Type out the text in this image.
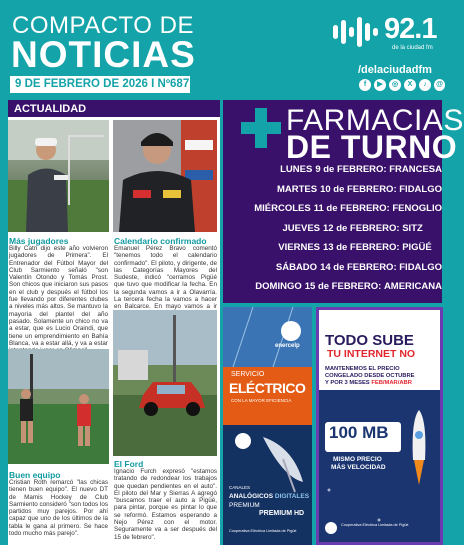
COMPACTO DE
NOTICIAS
9 DE FEBRERO DE 2026 I Nº687
92.1
de la ciudad fm
/delaciudadfm
f	▶	◎	X	♪	@
ACTUALIDAD
Más jugadores
Billy Catri dijo este año volvieron jugadores de Primera". El Entrenador del Fútbol Mayor del Club Sarmiento señaló "son Valentín Otondo y Tomás Prost. Son chicos que iniciaron sus pasos en el club y después el fútbol los fue llevando por diferentes clubes a niveles más altos. Se mantuvo la mayoría del plantel del año pasado. Solamente un chico no va a estar, que es Lucio Oraindi, que tiene un emprendimiento en Bahía Blanca, va a estar allá, y va a estar
Calendario confirmado
Emanuel Pérez Bravo comentó "tenemos todo el calendario confirmado". El piloto, y dirigente, de las Categorías Mayores del Sudeste, indicó "cerramos Pigüé que tuvo que modificar la fecha. En la segunda vamos a ir a Olavarría. La tercera fecha la vamos a hacer en Balcarce. En mayo vamos a ir
Buen equipo
Cristian Roth remarcó "las chicas tienen buen equipo". El nuevo DT de Mamis Hockey de Club Sarmiento consideró "son todos los partidos muy parejos. Por ahí capaz que uno de los últimos de la tabla le gana al primero. Se hace todo mucho más parejo".
El Ford
Ignacio Furch expresó "estamos tratando de redondear los trabajos que quedan pendientes en el auto". El piloto del Mar y Sierras A agregó "buscamos traer el auto a Pigüé, para pintar, porque es pintar lo que se reformó. Estamos esperando a Nejo Pérez con el motor. Seguramente va a ser después del 15 de febrero".
FARMACIAS
DE TURNO
LUNES 9 de FEBRERO:
FRANCESA
MARTES 10 de FEBRERO:
FIDALGO
MIÉRCOLES 11 de FEBRERO:
FENOGLIO
JUEVES 12 de FEBRERO:
SITZ
VIERNES 13 de FEBRERO:
PIGÜÉ
SÁBADO 14 de FEBRERO:
FIDALGO
DOMINGO 15 de FEBRERO:
AMERICANA
enercelp
SERVICIO
ELÉCTRICO
CON LA MAYOR EFICIENCIA
CANALES
ANALÓGICOS DIGITALES
PREMIUM
PREMIUM HD
Cooperativa Eléctrica Limitada de Pigüé
TODO SUBE
TU INTERNET NO
MANTENEMOS EL PRECIO
CONGELADO DESDE OCTUBRE
Y POR 3 MESES FEB/MAR/ABR
100 MB
MISMO PRECIO
MÁS VELOCIDAD
Cooperativa Eléctrica Limitada de Pigüé
